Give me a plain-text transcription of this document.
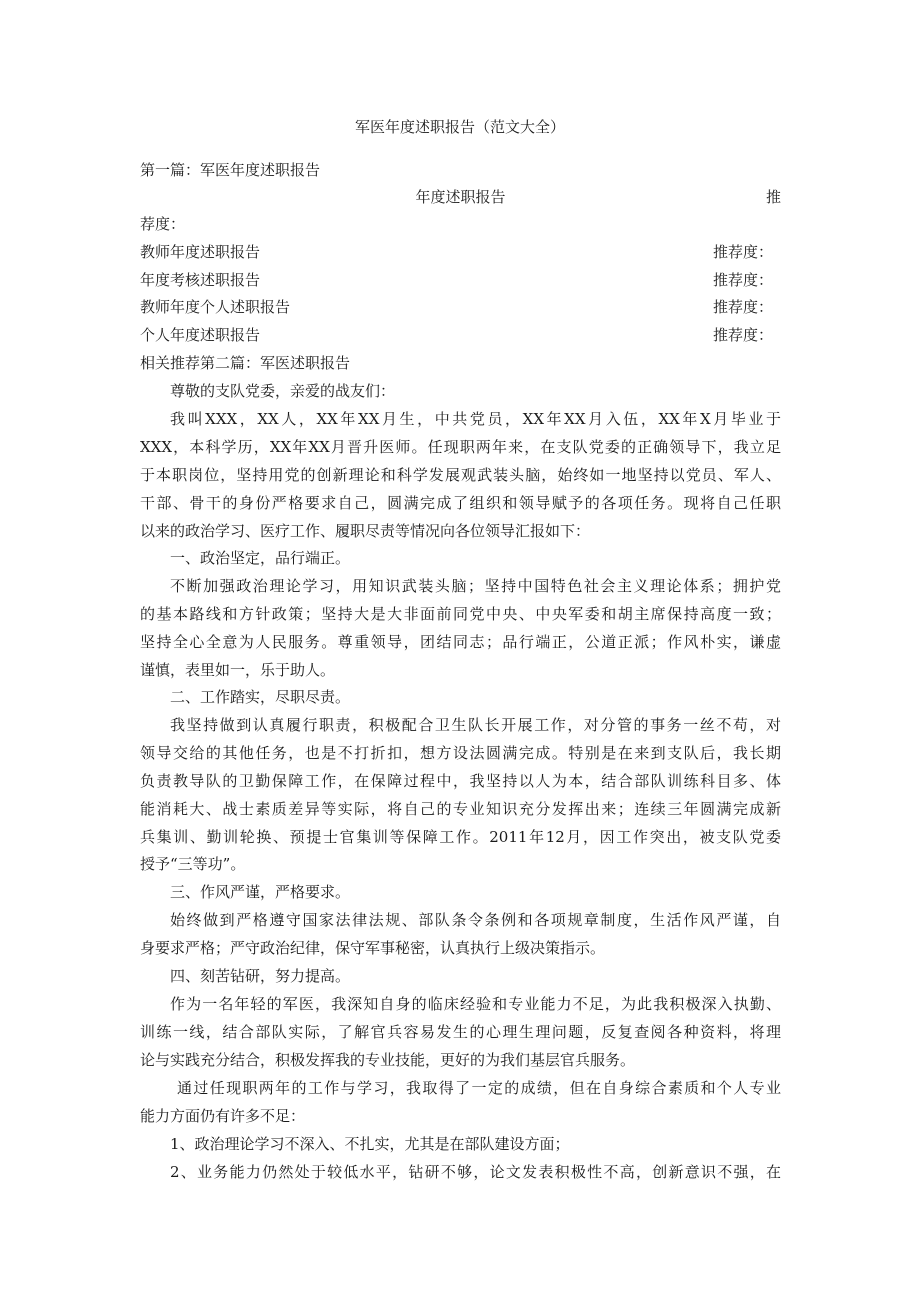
军医年度述职报告（范文大全）
第一篇：军医年度述职报告
年度述职报告	推
荐度：
教师年度述职报告	推荐度：
年度考核述职报告	推荐度：
教师年度个人述职报告	推荐度：
个人年度述职报告	推荐度：
相关推荐第二篇：军医述职报告
尊敬的支队党委，亲爱的战友们：
我叫XXX，XX人，XX年XX月生，中共党员，XX年XX月入伍，XX年X月毕业于
XXX，本科学历，XX年XX月晋升医师。任现职两年来，在支队党委的正确领导下，我立足
于本职岗位，坚持用党的创新理论和科学发展观武装头脑，始终如一地坚持以党员、军人、
干部、骨干的身份严格要求自己，圆满完成了组织和领导赋予的各项任务。现将自己任职
以来的政治学习、医疗工作、履职尽责等情况向各位领导汇报如下：
一、政治坚定，品行端正。
不断加强政治理论学习，用知识武装头脑；坚持中国特色社会主义理论体系；拥护党
的基本路线和方针政策；坚持大是大非面前同党中央、中央军委和胡主席保持高度一致；
坚持全心全意为人民服务。尊重领导，团结同志；品行端正，公道正派；作风朴实，谦虚
谨慎，表里如一，乐于助人。
二、工作踏实，尽职尽责。
我坚持做到认真履行职责，积极配合卫生队长开展工作，对分管的事务一丝不苟，对
领导交给的其他任务，也是不打折扣，想方设法圆满完成。特别是在来到支队后，我长期
负责教导队的卫勤保障工作，在保障过程中，我坚持以人为本，结合部队训练科目多、体
能消耗大、战士素质差异等实际，将自己的专业知识充分发挥出来；连续三年圆满完成新
兵集训、勤训轮换、预提士官集训等保障工作。2011年12月，因工作突出，被支队党委
授予“三等功”。
三、作风严谨，严格要求。
始终做到严格遵守国家法律法规、部队条令条例和各项规章制度，生活作风严谨，自
身要求严格；严守政治纪律，保守军事秘密，认真执行上级决策指示。
四、刻苦钻研，努力提高。
作为一名年轻的军医，我深知自身的临床经验和专业能力不足，为此我积极深入执勤、
训练一线，结合部队实际，了解官兵容易发生的心理生理问题，反复查阅各种资料，将理
论与实践充分结合，积极发挥我的专业技能，更好的为我们基层官兵服务。
通过任现职两年的工作与学习，我取得了一定的成绩，但在自身综合素质和个人专业
能力方面仍有许多不足：
1、政治理论学习不深入、不扎实，尤其是在部队建设方面；
2、业务能力仍然处于较低水平，钻研不够，论文发表积极性不高，创新意识不强，在
